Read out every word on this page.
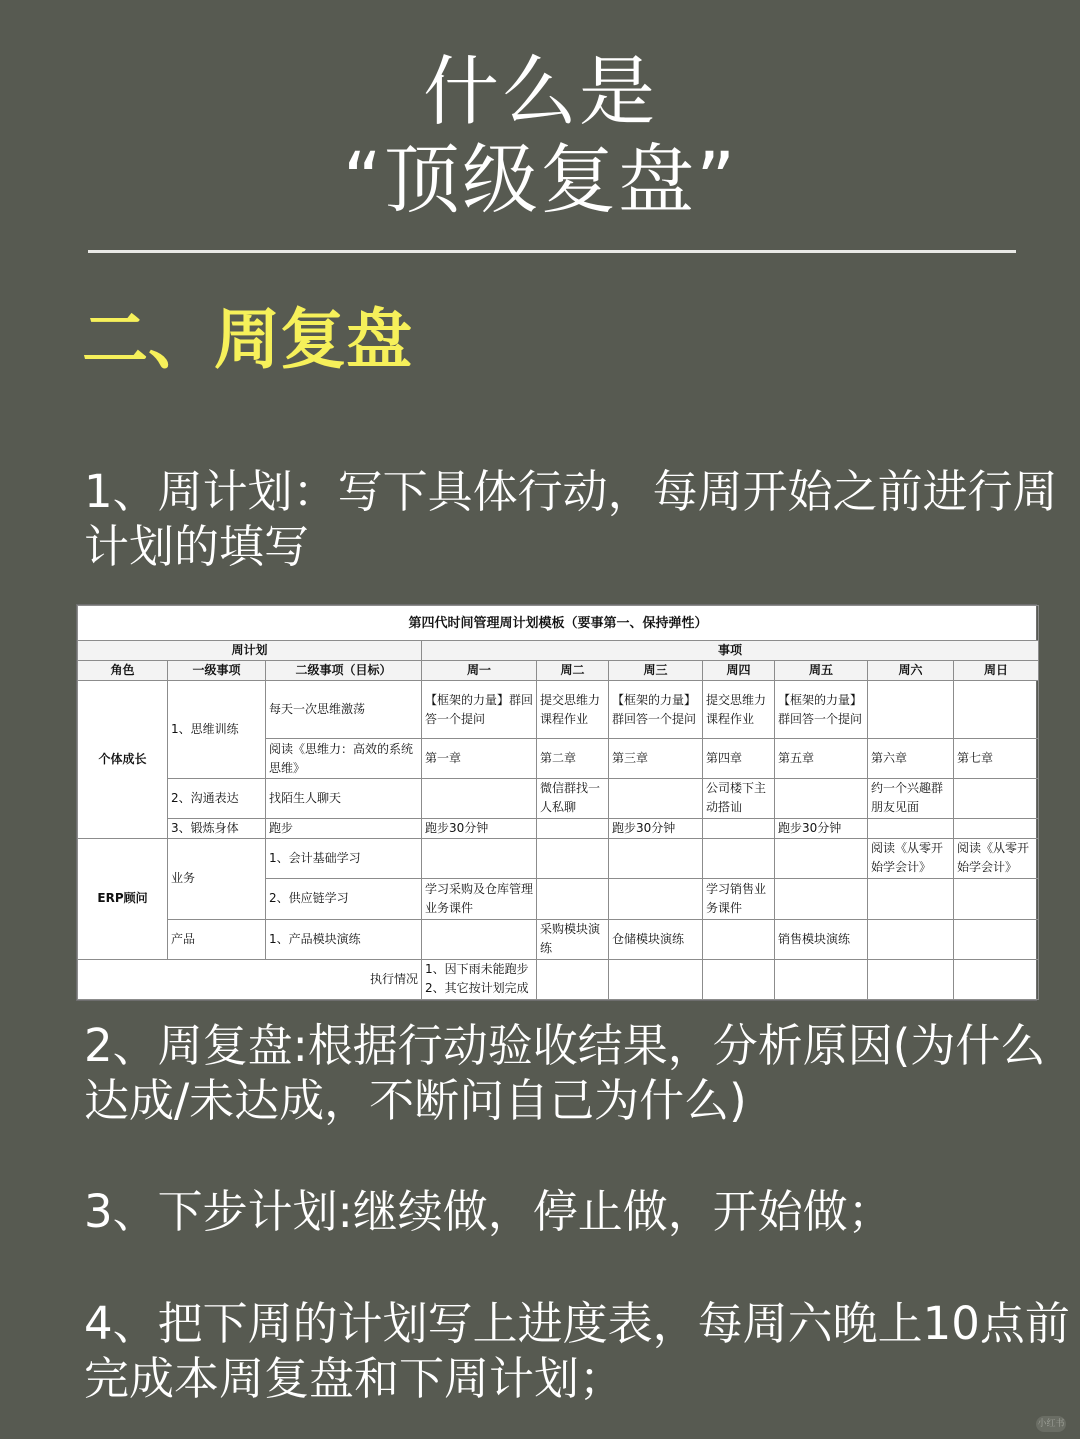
什么是
“顶级复盘”
二、周复盘
1、周计划：写下具体行动，每周开始之前进行周计划的填写
第四代时间管理周计划模板（要事第一、保持弹性）									
周计划			事项						
角色	一级事项	二级事项（目标）	周一	周二	周三	周四	周五	周六	周日
个体成长	1、思维训练	每天一次思维激荡	【框架的力量】群回答一个提问	提交思维力课程作业	【框架的力量】群回答一个提问	提交思维力课程作业	【框架的力量】群回答一个提问		
		阅读《思维力：高效的系统思维》	第一章	第二章	第三章	第四章	第五章	第六章	第七章
	2、沟通表达	找陌生人聊天		微信群找一人私聊		公司楼下主动搭讪		约一个兴趣群朋友见面	
	3、锻炼身体	跑步	跑步30分钟		跑步30分钟		跑步30分钟		
ERP顾问	业务	1、会计基础学习						阅读《从零开始学会计》	阅读《从零开始学会计》
		2、供应链学习	学习采购及仓库管理业务课件			学习销售业务课件			
	产品	1、产品模块演练		采购模块演练	仓储模块演练		销售模块演练		
执行情况			1、因下雨未能跑步
2、其它按计划完成						

2、周复盘:根据行动验收结果，分析原因(为什么达成/未达成，不断问自己为什么)
3、下步计划:继续做，停止做，开始做；
4、把下周的计划写上进度表，每周六晚上10点前完成本周复盘和下周计划；
小红书
